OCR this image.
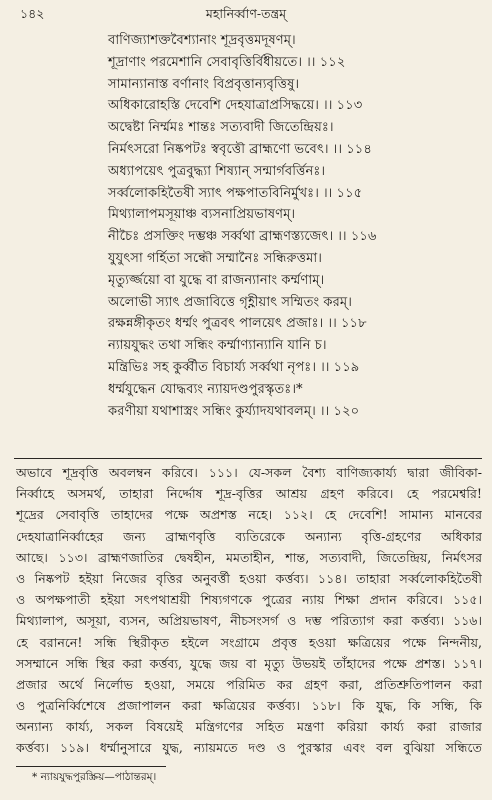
১৪২	মহানির্ব্বাণ-তন্ত্রম্
বাণিজ্যাশক্তবৈশ্যানাং শূদ্রবৃত্তমদূষণম্।
শূদ্রাণাং পরমেশানি সেবাবৃত্তির্বিধীয়তে। ।। ১১২
সামান্যানাস্ত বর্ণানাং বিপ্রবৃত্তান্যবৃত্তিষু।
অধিকারোহস্তি দেবেশি দেহযাত্রাপ্রসিদ্ধয়ে। ।। ১১৩
অদ্বেষ্টা নির্ম্মমঃ শান্তঃ সত্যবাদী জিতেন্দ্রিয়ঃ।
নির্মৎসরো নিষ্কপটঃ স্ববৃত্তৌ ব্রাহ্মণো ভবেৎ। ।। ১১৪
অধ্যাপয়েৎ পুত্রবুদ্ধ্যা শিষ্যান্ সন্মার্গবর্ত্তিনঃ।
সর্ব্বলোকহিতৈষী স্যাৎ পক্ষপাতবিনির্মুখঃ। ।। ১১৫
মিথ্যালাপমসূয়াঞ্চ ব্যসনাপ্রিয়ভাষণম্।
নীচৈঃ প্রসক্তিং দম্ভঞ্চ সর্ব্বথা ব্রাহ্মণস্ত্যজেৎ। ।। ১১৬
যুযুৎসা গর্হিতা সন্ধৌ সম্মানৈঃ সন্ধিরুত্তমা।
মৃত্যুর্জ্জয়ো বা যুদ্ধে বা রাজন্যানাং কর্ম্মণাম্।
অলোভী স্যাৎ প্রজাবিত্তে গৃহ্ণীয়াৎ সম্মিতং করম্।
রক্ষন্নঙ্গীকৃতং ধর্ম্মং পুত্রবৎ পালয়েৎ প্রজাঃ। ।। ১১৮
ন্যায়যুদ্ধং তথা সন্ধিং কর্ম্মাণ্যান্যানি যানি চ।
মন্ত্রিভিঃ সহ কুর্ব্বীত বিচার্য্য সর্ব্বথা নৃপঃ। ।। ১১৯
ধর্ম্মযুদ্ধেন যোদ্ধব্যং ন্যায়দণ্ডপুরস্কৃতঃ।*
করণীয়া যথাশাস্ত্রং সন্ধিং কুর্য্যাদযথাবলম্। ।। ১২০
অভাবে শূদ্রবৃত্তি অবলম্বন করিবে। ১১১। যে-সকল বৈশ্য বাণিজ্যকার্য্য দ্বারা জীবিকা-
নির্ব্বাহে অসমর্থ, তাহারা নির্দ্দোষ শূদ্র-বৃত্তির আশ্রয় গ্রহণ করিবে। হে পরমেশ্বরি!
শূদ্রের সেবাবৃত্তি তাহাদের পক্ষে অপ্রশস্ত নহে। ১১২। হে দেবেশি! সামান্য মানবের
দেহযাত্রানির্ব্বাহের জন্য ব্রাহ্মণবৃত্তি ব্যতিরেকে অন্যান্য বৃত্তি-গ্রহণের অধিকার
আছে। ১১৩। ব্রাহ্মণজাতির দ্বেষহীন, মমতাহীন, শান্ত, সত্যবাদী, জিতেন্দ্রিয়, নির্মৎসর
ও নিষ্কপট হইয়া নিজের বৃত্তির অনুবর্ত্তী হওয়া কর্ত্তব্য। ১১৪। তাহারা সর্ব্বলোকহিতৈষী
ও অপক্ষপাতী হইয়া সৎপথাশ্রয়ী শিষ্যগণকে পুত্রের ন্যায় শিক্ষা প্রদান করিবে। ১১৫।
মিথ্যালাপ, অসূয়া, ব্যসন, অপ্রিয়ভাষণ, নীচসংসর্গ ও দম্ভ পরিত্যাগ করা কর্ত্তব্য। ১১৬।
হে বরাননে! সন্ধি স্থিরীকৃত হইলে সংগ্রামে প্রবৃত্ত হওয়া ক্ষত্রিয়ের পক্ষে নিন্দনীয়,
সসম্মানে সন্ধি স্থির করা কর্ত্তব্য, যুদ্ধে জয় বা মৃত্যু উভয়ই তাঁহাদের পক্ষে প্রশস্ত। ১১৭।
প্রজার অর্থে নির্লোভ হওয়া, সময়ে পরিমিত কর গ্রহণ করা, প্রতিশ্রুতিপালন করা
ও পুত্রনির্ব্বিশেষে প্রজাপালন করা ক্ষত্রিয়ের কর্ত্তব্য। ১১৮। কি যুদ্ধ, কি সন্ধি, কি
অন্যান্য কার্য্য, সকল বিষয়েই মন্ত্রিগণের সহিত মন্ত্রণা করিয়া কার্য্য করা রাজার
কর্ত্তব্য। ১১৯। ধর্ম্মানুসারে যুদ্ধ, ন্যায়মতে দণ্ড ও পুরস্কার এবং বল বুঝিয়া সন্ধিতে
* ন্যায়যুদ্ধপুরস্ক্রিয়—পাঠান্তরম্।
